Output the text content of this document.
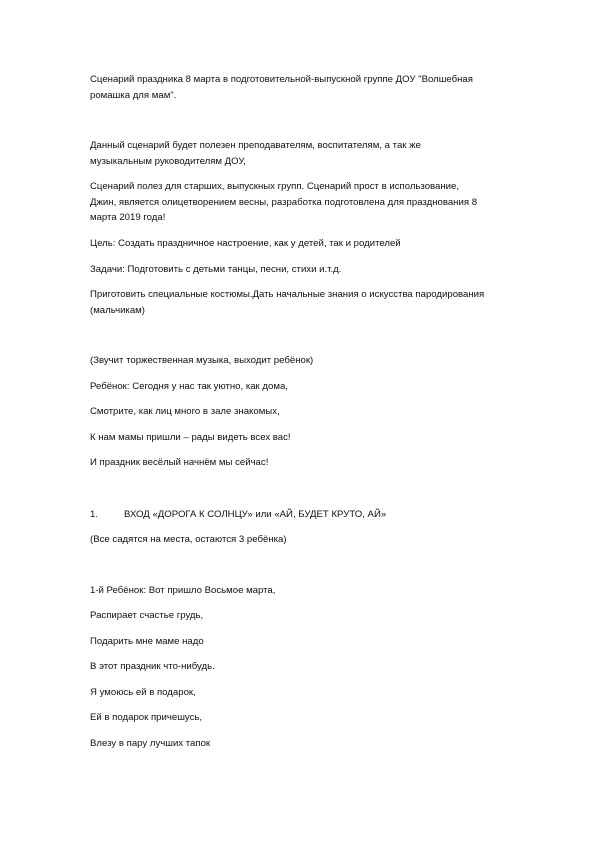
Сценарий праздника 8 марта в подготовительной-выпускной группе ДОУ "Волшебная
ромашка для мам".

Данный сценарий будет полезен преподавателям, воспитателям, а так же
музыкальным руководителям ДОУ,

Сценарий полез для старших, выпускных групп. Сценарий прост в использование,
Джин, является олицетворением весны, разработка подготовлена для празднования 8
марта 2019 года!

Цель: Создать праздничное настроение, как у детей, так и родителей

Задачи: Подготовить с детьми танцы, песни, стихи и.т.д.

Приготовить специальные костюмы.Дать начальные знания о искусства пародирования
(мальчикам)

(Звучит торжественная музыка, выходит ребёнок)

Ребёнок: Сегодня у нас так уютно, как дома,

Смотрите, как лиц много в зале знакомых,

К нам мамы пришли – рады видеть всех вас!

И праздник весёлый начнём мы сейчас!

1.	ВХОД «ДОРОГА К СОЛНЦУ» или «АЙ, БУДЕТ КРУТО, АЙ»

(Все садятся на места, остаются 3 ребёнка)

1-й Ребёнок: Вот пришло Восьмое марта,

Распирает счастье грудь,

Подарить мне маме надо

В этот праздник что-нибудь.

Я умоюсь ей в подарок,

Ей в подарок причешусь,

Влезу в пару лучших тапок
